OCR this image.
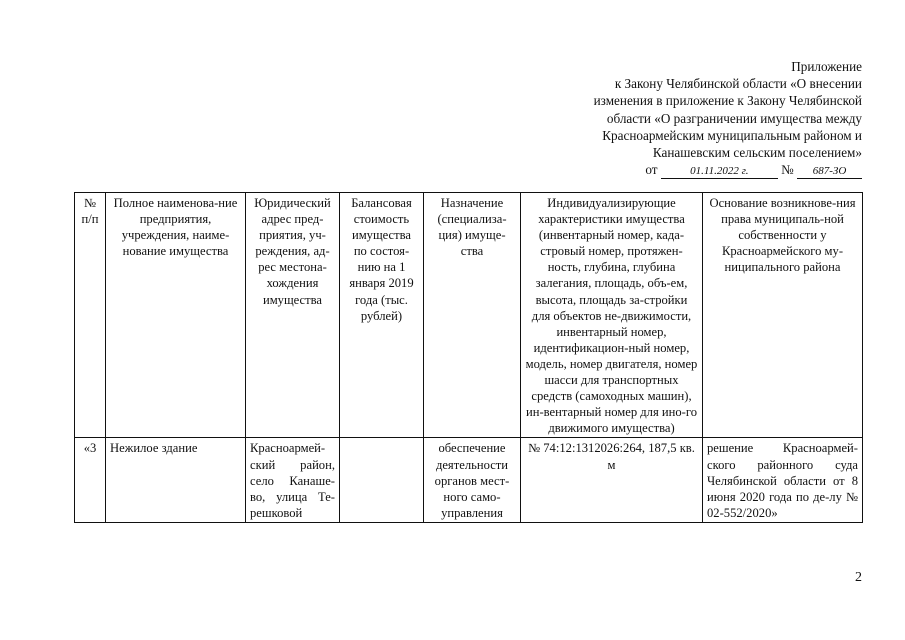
Приложение
к Закону Челябинской области «О внесении
изменения в приложение к Закону Челябинской
области «О разграничении имущества между
Красноармейским муниципальным районом и
Канашевским сельским поселением»
от	01.11.2022 г. № 687-ЗО
№ п/п	Полное наименова-ние предприятия, учреждения, наиме-нование имущества	Юридический адрес пред-приятия, уч-реждения, ад-рес местона-хождения имущества	Балансовая стоимость имущества по состоя-нию на 1 января 2019 года (тыс. рублей)	Назначение (специализа-ция) имуще-ства	Индивидуализирующие характеристики имущества (инвентарный номер, када-стровый номер, протяжен-ность, глубина, глубина залегания, площадь, объ-ем, высота, площадь за-стройки для объектов не-движимости, инвентарный номер, идентификацион-ный номер, модель, номер двигателя, номер шасси для транспортных средств (самоходных машин), ин-вентарный номер для ино-го движимого имущества)	Основание возникнове-ния права муниципаль-ной собственности у Красноармейского му-ниципального района
«3	Нежилое здание	Красноармей-ский район, село Канаше-во, улица Те-решковой		обеспечение деятельности органов мест-ного само-управления	№ 74:12:1312026:264, 187,5 кв. м	решение Красноармей-ского районного суда Челябинской области от 8 июня 2020 года по де-лу № 02-552/2020»
2
